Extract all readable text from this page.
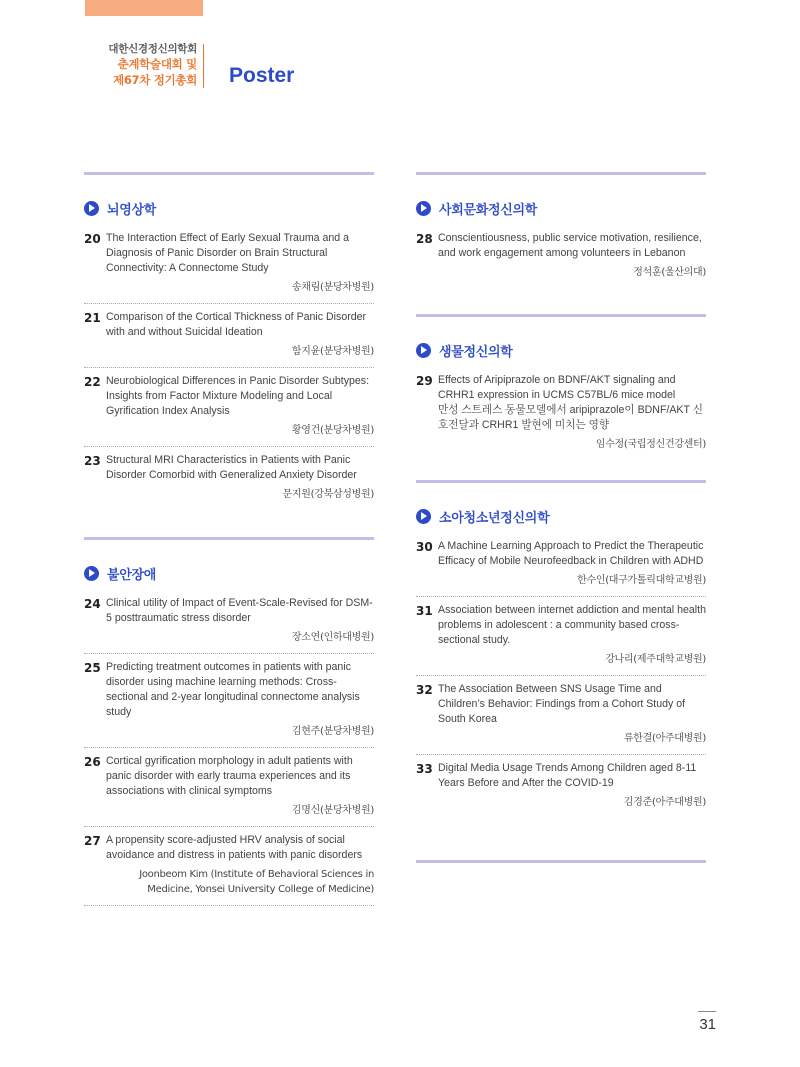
대한신경정신의학회
춘계학술대회 및
제67차 정기총회 Poster
뇌영상학
20 The Interaction Effect of Early Sexual Trauma and a Diagnosis of Panic Disorder on Brain Structural Connectivity: A Connectome Study
송채림(분당차병원)
21 Comparison of the Cortical Thickness of Panic Disorder with and without Suicidal Ideation
함지윤(분당차병원)
22 Neurobiological Differences in Panic Disorder Subtypes: Insights from Factor Mixture Modeling and Local Gyrification Index Analysis
황영건(분당차병원)
23 Structural MRI Characteristics in Patients with Panic Disorder Comorbid with Generalized Anxiety Disorder
문지원(강북삼성병원)
불안장애
24 Clinical utility of Impact of Event-Scale-Revised for DSM-5 posttraumatic stress disorder
장소연(인하대병원)
25 Predicting treatment outcomes in patients with panic disorder using machine learning methods: Cross-sectional and 2-year longitudinal connectome analysis study
김현주(분당차병원)
26 Cortical gyrification morphology in adult patients with panic disorder with early trauma experiences and its associations with clinical symptoms
김명신(분당차병원)
27 A propensity score-adjusted HRV analysis of social avoidance and distress in patients with panic disorders
Joonbeom Kim (Institute of Behavioral Sciences in Medicine, Yonsei University College of Medicine)
사회문화정신의학
28 Conscientiousness, public service motivation, resilience, and work engagement among volunteers in Lebanon
정석훈(울산의대)
생물정신의학
29 Effects of Aripiprazole on BDNF/AKT signaling and CRHR1 expression in UCMS C57BL/6 mice model
만성 스트레스 동물모델에서 aripiprazole이 BDNF/AKT 신호전달과 CRHR1 발현에 미치는 영향
임수정(국립정신건강센터)
소아청소년정신의학
30 A Machine Learning Approach to Predict the Therapeutic Efficacy of Mobile Neurofeedback in Children with ADHD
한수인(대구가톨릭대학교병원)
31 Association between internet addiction and mental health problems in adolescent : a community based cross-sectional study.
강나리(제주대학교병원)
32 The Association Between SNS Usage Time and Children’s Behavior: Findings from a Cohort Study of South Korea
류한결(아주대병원)
33 Digital Media Usage Trends Among Children aged 8-11 Years Before and After the COVID-19
김경준(아주대병원)
31
